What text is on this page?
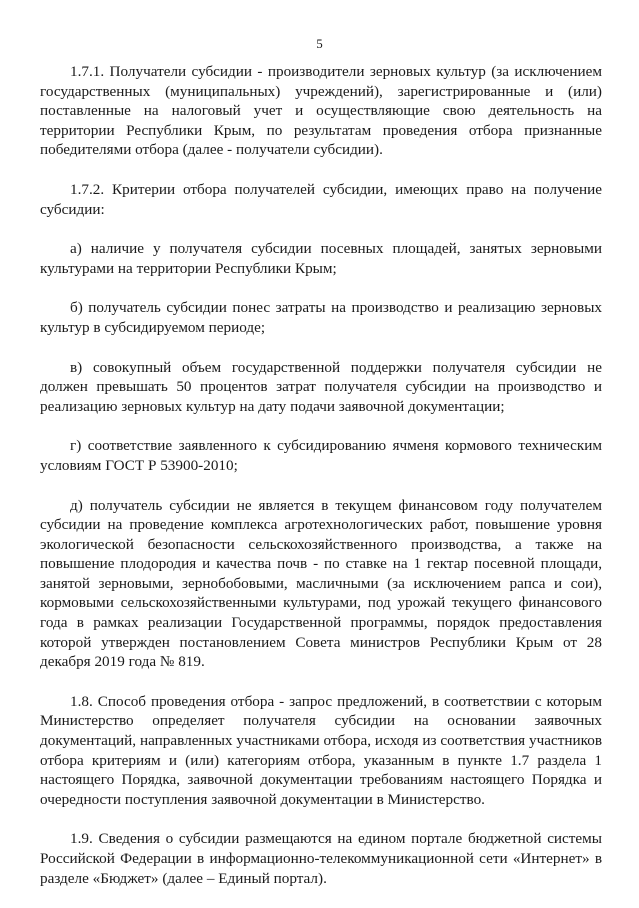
5

1.7.1. Получатели субсидии - производители зерновых культур (за исключением государственных (муниципальных) учреждений), зарегистрированные и (или) поставленные на налоговый учет и осуществляющие свою деятельность на территории Республики Крым, по результатам проведения отбора признанные победителями отбора (далее - получатели субсидии).

1.7.2. Критерии отбора получателей субсидии, имеющих право на получение субсидии:

а) наличие у получателя субсидии посевных площадей, занятых зерновыми культурами на территории Республики Крым;

б) получатель субсидии понес затраты на производство и реализацию зерновых культур в субсидируемом периоде;

в) совокупный объем государственной поддержки получателя субсидии не должен превышать 50 процентов затрат получателя субсидии на производство и реализацию зерновых культур на дату подачи заявочной документации;

г) соответствие заявленного к субсидированию ячменя кормового техническим условиям ГОСТ Р 53900-2010;

д) получатель субсидии не является в текущем финансовом году получателем субсидии на проведение комплекса агротехнологических работ, повышение уровня экологической безопасности сельскохозяйственного производства, а также на повышение плодородия и качества почв - по ставке на 1 гектар посевной площади, занятой зерновыми, зернобобовыми, масличными (за исключением рапса и сои), кормовыми сельскохозяйственными культурами, под урожай текущего финансового года в рамках реализации Государственной программы, порядок предоставления которой утвержден постановлением Совета министров Республики Крым от 28 декабря 2019 года № 819.

1.8. Способ проведения отбора - запрос предложений, в соответствии с которым Министерство определяет получателя субсидии на основании заявочных документаций, направленных участниками отбора, исходя из соответствия участников отбора критериям и (или) категориям отбора, указанным в пункте 1.7 раздела 1 настоящего Порядка, заявочной документации требованиям настоящего Порядка и очередности поступления заявочной документации в Министерство.

1.9. Сведения о субсидии размещаются на едином портале бюджетной системы Российской Федерации в информационно-телекоммуникационной сети «Интернет» в разделе «Бюджет» (далее – Единый портал).
